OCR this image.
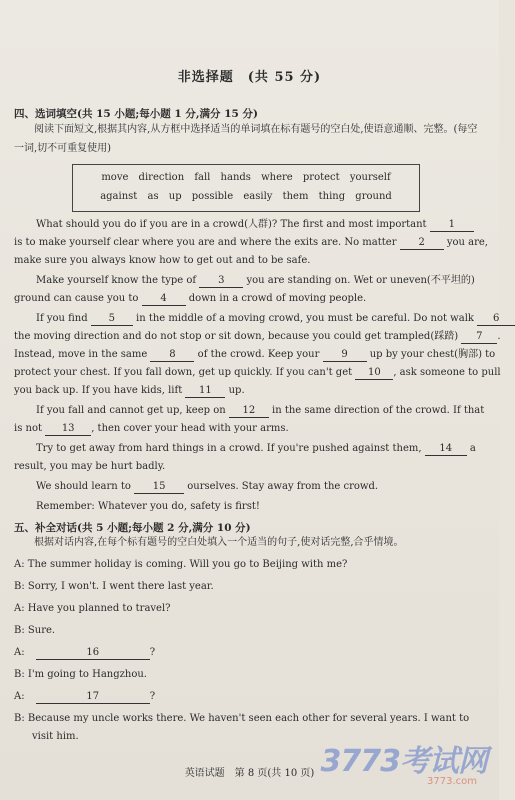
非选择题　(共 55 分)
四、选词填空(共 15 小题;每小题 1 分,满分 15 分)
阅读下面短文,根据其内容,从方框中选择适当的单词填在标有题号的空白处,使语意通顺、完整。(每空一词,切不可重复使用)
move direction fall hands where protect yourself
against as up possible easily them thing ground
What should you do if you are in a crowd(人群)? The first and most important 1
is to make yourself clear where you are and where the exits are. No matter 2 you are,
make sure you always know how to get out and to be safe.
Make yourself know the type of 3 you are standing on. Wet or uneven(不平坦的)
ground can cause you to 4 down in a crowd of moving people.
If you find 5 in the middle of a moving crowd, you must be careful. Do not walk 6
the moving direction and do not stop or sit down, because you could get trampled(踩踏) 7 .
Instead, move in the same 8 of the crowd. Keep your 9 up by your chest(胸部) to
protect your chest. If you fall down, get up quickly. If you can't get 10 , ask someone to pull
you back up. If you have kids, lift 11 up.
If you fall and cannot get up, keep on 12 in the same direction of the crowd. If that
is not 13 , then cover your head with your arms.
Try to get away from hard things in a crowd. If you're pushed against them, 14 a
result, you may be hurt badly.
We should learn to 15 ourselves. Stay away from the crowd.
Remember: Whatever you do, safety is first!
五、补全对话(共 5 小题;每小题 2 分,满分 10 分)
根据对话内容,在每个标有题号的空白处填入一个适当的句子,使对话完整,合乎情境。
A: The summer holiday is coming. Will you go to Beijing with me?
B: Sorry, I won't. I went there last year.
A: Have you planned to travel?
B: Sure.
A:	16	?
B: I'm going to Hangzhou.
A:	17	?
B: Because my uncle works there. We haven't seen each other for several years. I want to
visit him.
英语试题　第 8 页(共 10 页) 3773考试网
3773.com
